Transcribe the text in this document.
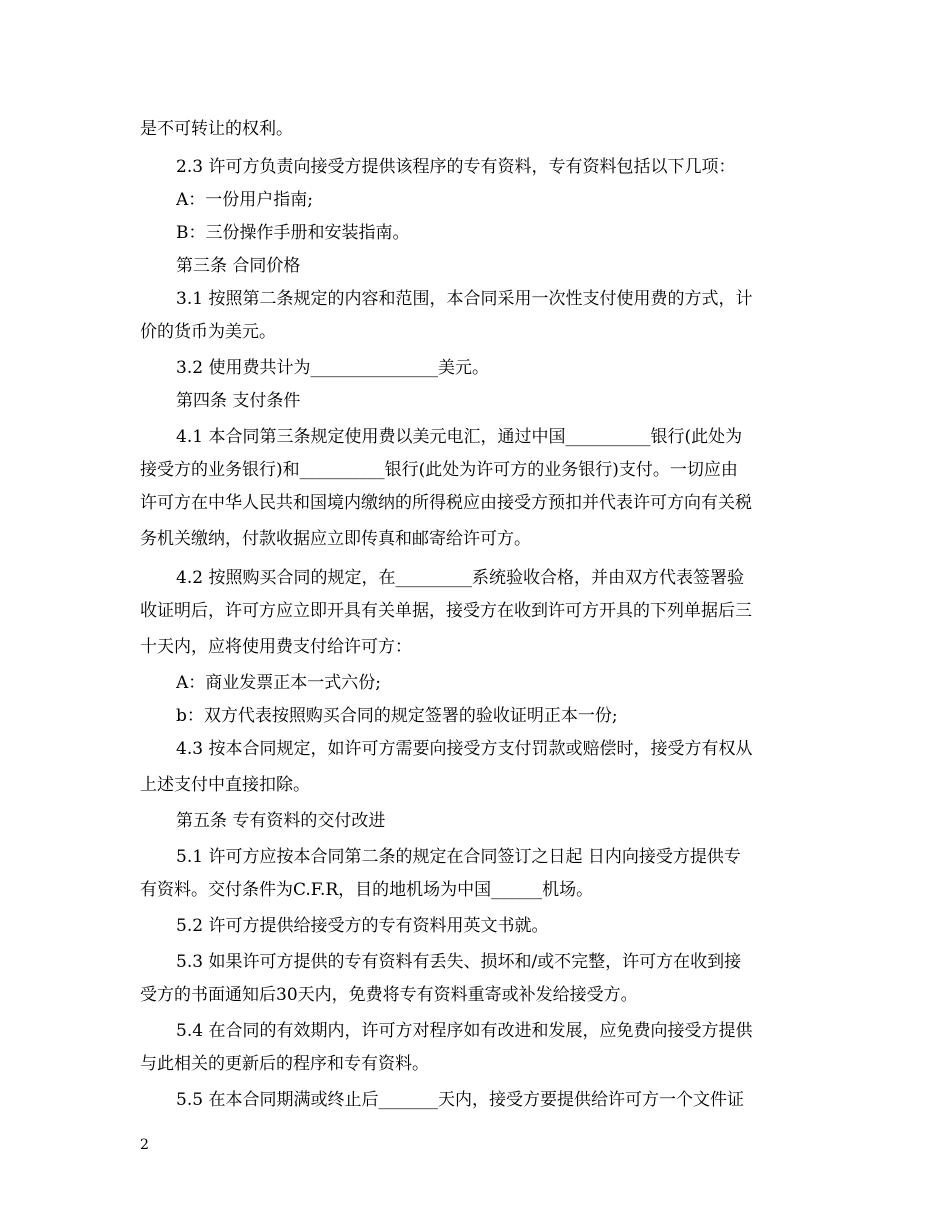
是不可转让的权利。
2.3 许可方负责向接受方提供该程序的专有资料，专有资料包括以下几项：
A：一份用户指南;
B：三份操作手册和安装指南。
第三条 合同价格
3.1 按照第二条规定的内容和范围，本合同采用一次性支付使用费的方式，计
价的货币为美元。
3.2 使用费共计为_______________美元。
第四条 支付条件
4.1 本合同第三条规定使用费以美元电汇，通过中国__________银行(此处为
接受方的业务银行)和__________银行(此处为许可方的业务银行)支付。一切应由
许可方在中华人民共和国境内缴纳的所得税应由接受方预扣并代表许可方向有关税
务机关缴纳，付款收据应立即传真和邮寄给许可方。
4.2 按照购买合同的规定，在_________系统验收合格，并由双方代表签署验
收证明后，许可方应立即开具有关单据，接受方在收到许可方开具的下列单据后三
十天内，应将使用费支付给许可方：
A：商业发票正本一式六份;
b：双方代表按照购买合同的规定签署的验收证明正本一份;
4.3 按本合同规定，如许可方需要向接受方支付罚款或赔偿时，接受方有权从
上述支付中直接扣除。
第五条 专有资料的交付改进
5.1 许可方应按本合同第二条的规定在合同签订之日起 日内向接受方提供专
有资料。交付条件为C.F.R，目的地机场为中国______机场。
5.2 许可方提供给接受方的专有资料用英文书就。
5.3 如果许可方提供的专有资料有丢失、损坏和/或不完整，许可方在收到接
受方的书面通知后30天内，免费将专有资料重寄或补发给接受方。
5.4 在合同的有效期内，许可方对程序如有改进和发展，应免费向接受方提供
与此相关的更新后的程序和专有资料。
5.5 在本合同期满或终止后_______天内，接受方要提供给许可方一个文件证
2
